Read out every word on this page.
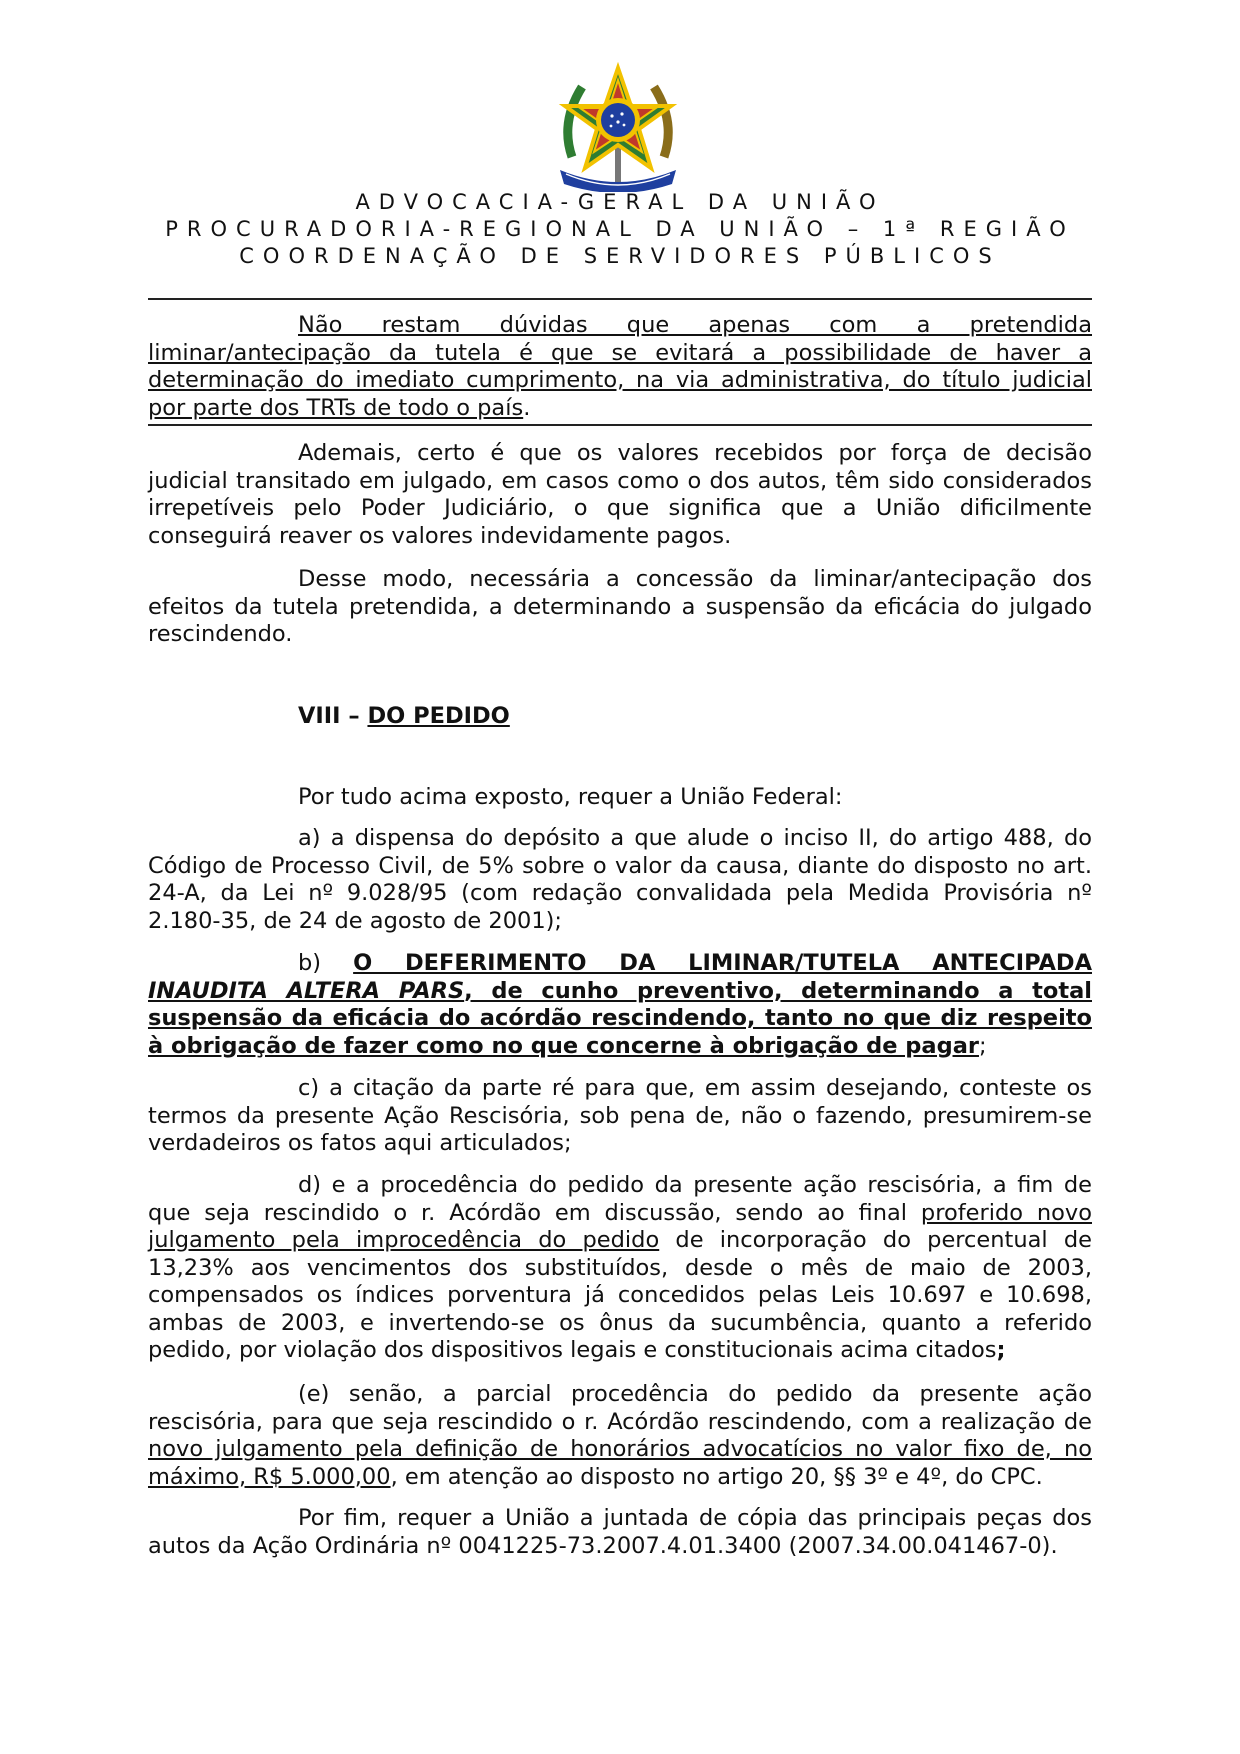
ADVOCACIA-GERAL DA UNIÃO
PROCURADORIA-REGIONAL DA UNIÃO – 1ª REGIÃO
COORDENAÇÃO DE SERVIDORES PÚBLICOS

Não restam dúvidas que apenas com a pretendida liminar/antecipação da tutela é que se evitará a possibilidade de haver a determinação do imediato cumprimento, na via administrativa, do título judicial por parte dos TRTs de todo o país.

Ademais, certo é que os valores recebidos por força de decisão judicial transitado em julgado, em casos como o dos autos, têm sido considerados irrepetíveis pelo Poder Judiciário, o que significa que a União dificilmente conseguirá reaver os valores indevidamente pagos.

Desse modo, necessária a concessão da liminar/antecipação dos efeitos da tutela pretendida, a determinando a suspensão da eficácia do julgado rescindendo.

VIII – DO PEDIDO

Por tudo acima exposto, requer a União Federal:

a) a dispensa do depósito a que alude o inciso II, do artigo 488, do Código de Processo Civil, de 5% sobre o valor da causa, diante do disposto no art. 24-A, da Lei nº 9.028/95 (com redação convalidada pela Medida Provisória nº 2.180-35, de 24 de agosto de 2001);

b) O DEFERIMENTO DA LIMINAR/TUTELA ANTECIPADA INAUDITA ALTERA PARS, de cunho preventivo, determinando a total suspensão da eficácia do acórdão rescindendo, tanto no que diz respeito à obrigação de fazer como no que concerne à obrigação de pagar;

c) a citação da parte ré para que, em assim desejando, conteste os termos da presente Ação Rescisória, sob pena de, não o fazendo, presumirem-se verdadeiros os fatos aqui articulados;

d) e a procedência do pedido da presente ação rescisória, a fim de que seja rescindido o r. Acórdão em discussão, sendo ao final proferido novo julgamento pela improcedência do pedido de incorporação do percentual de 13,23% aos vencimentos dos substituídos, desde o mês de maio de 2003, compensados os índices porventura já concedidos pelas Leis 10.697 e 10.698, ambas de 2003, e invertendo-se os ônus da sucumbência, quanto a referido pedido, por violação dos dispositivos legais e constitucionais acima citados;

(e) senão, a parcial procedência do pedido da presente ação rescisória, para que seja rescindido o r. Acórdão rescindendo, com a realização de novo julgamento pela definição de honorários advocatícios no valor fixo de, no máximo, R$ 5.000,00, em atenção ao disposto no artigo 20, §§ 3º e 4º, do CPC.

Por fim, requer a União a juntada de cópia das principais peças dos autos da Ação Ordinária nº 0041225-73.2007.4.01.3400 (2007.34.00.041467-0).
